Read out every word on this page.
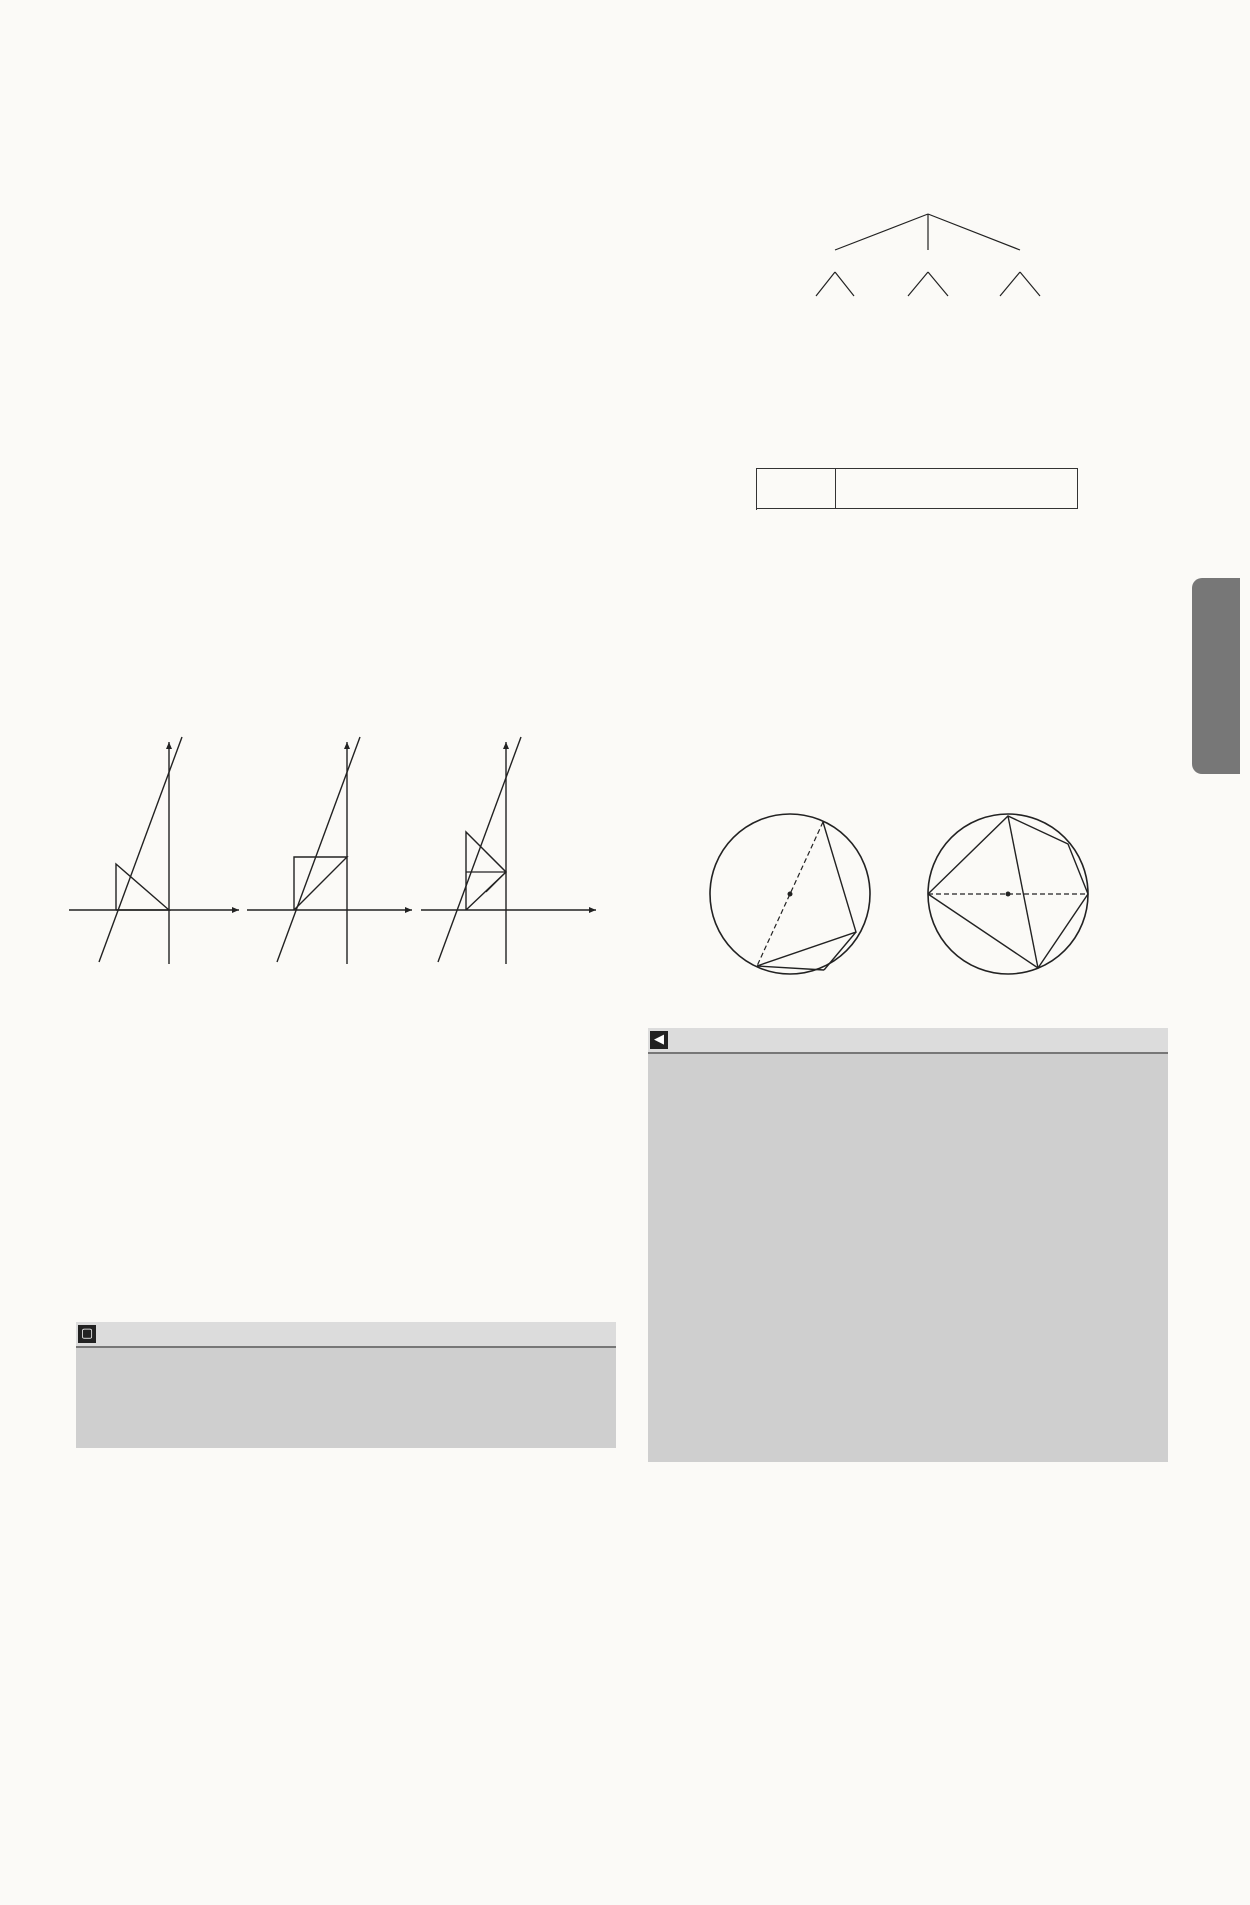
▢

◀
